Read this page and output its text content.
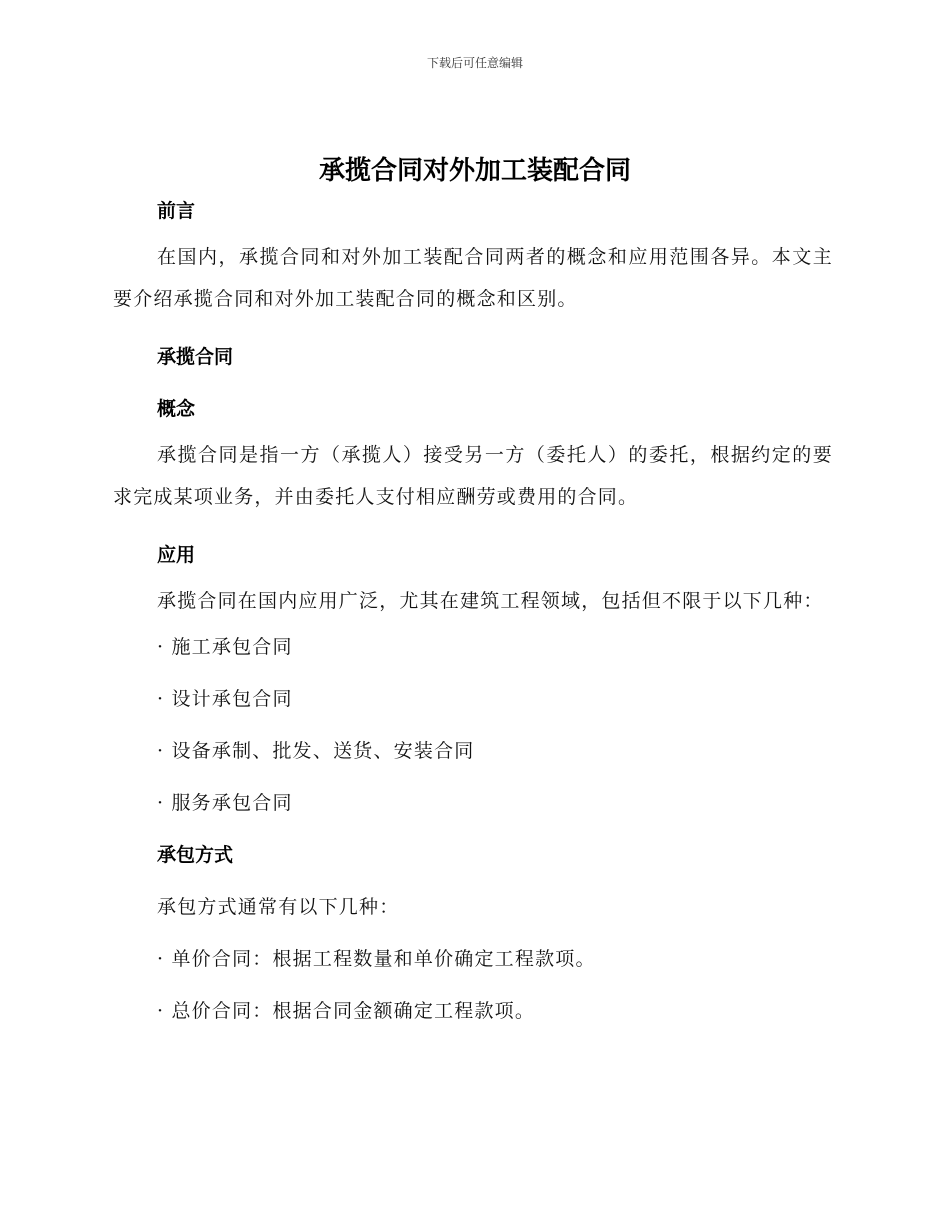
下载后可任意编辑
承揽合同对外加工装配合同
前言

在国内，承揽合同和对外加工装配合同两者的概念和应用范围各异。本文主要介绍承揽合同和对外加工装配合同的概念和区别。

承揽合同
概念

承揽合同是指一方（承揽人）接受另一方（委托人）的委托，根据约定的要求完成某项业务，并由委托人支付相应酬劳或费用的合同。

应用

承揽合同在国内应用广泛，尤其在建筑工程领域，包括但不限于以下几种：

· 施工承包合同
· 设计承包合同
· 设备承制、批发、送货、安装合同
· 服务承包合同
承包方式
承包方式通常有以下几种：
· 单价合同：根据工程数量和单价确定工程款项。
· 总价合同：根据合同金额确定工程款项。
